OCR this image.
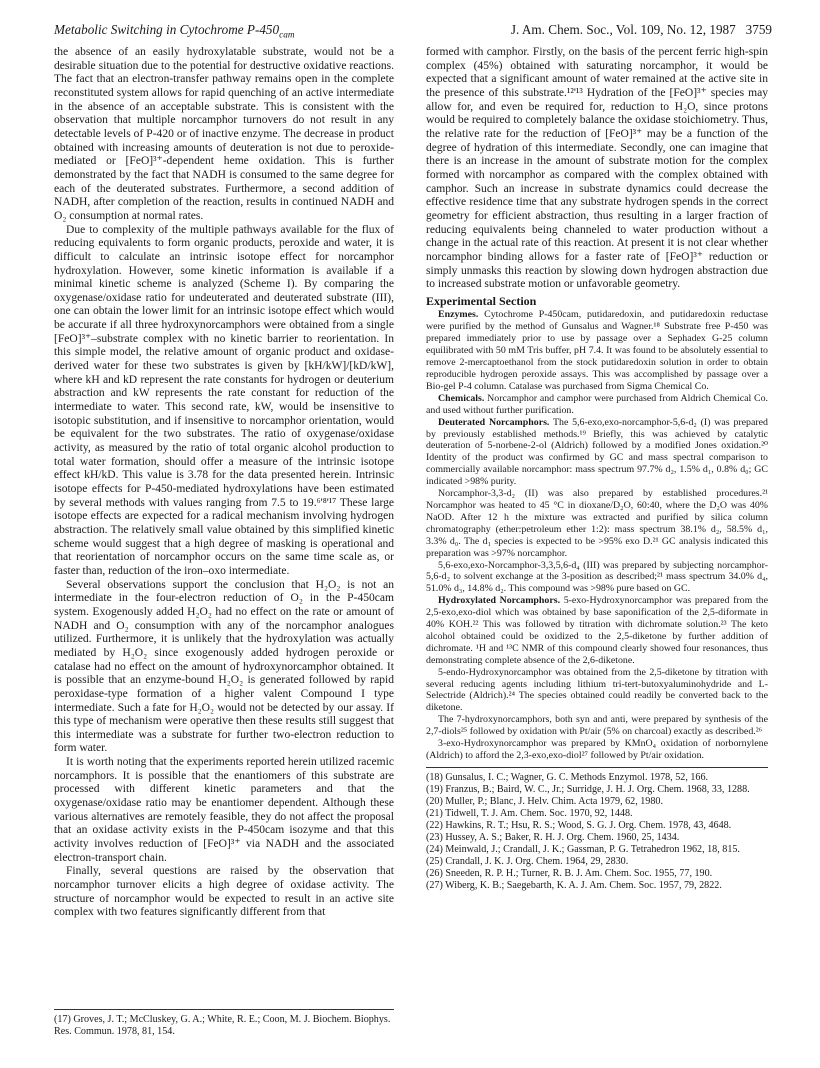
Metabolic Switching in Cytochrome $P-450_{cam}$	J. Am. Chem. Soc., Vol. 109, No. 12, 1987 3759

the absence of an easily hydroxylatable substrate, would not be a desirable situation due to the potential for destructive oxidative reactions. The fact that an electron-transfer pathway remains open in the complete reconstituted system allows for rapid quenching of an active intermediate in the absence of an acceptable substrate. This is consistent with the observation that multiple norcamphor turnovers do not result in any detectable levels of P-420 or of inactive enzyme. The decrease in product obtained with increasing amounts of deuteration is not due to peroxide-mediated or [FeO]³⁺-dependent heme oxidation. This is further demonstrated by the fact that NADH is consumed to the same degree for each of the deuterated substrates. Furthermore, a second addition of NADH, after completion of the reaction, results in continued NADH and O₂ consumption at normal rates.

Due to complexity of the multiple pathways available for the flux of reducing equivalents to form organic products, peroxide and water, it is difficult to calculate an intrinsic isotope effect for norcamphor hydroxylation. However, some kinetic information is available if a minimal kinetic scheme is analyzed (Scheme I). By comparing the oxygenase/oxidase ratio for undeuterated and deuterated substrate (III), one can obtain the lower limit for an intrinsic isotope effect which would be accurate if all three hydroxynorcamphors were obtained from a single [FeO]³⁺–substrate complex with no kinetic barrier to reorientation. In this simple model, the relative amount of organic product and oxidase-derived water for these two substrates is given by [kH/kW]/[kD/kW], where kH and kD represent the rate constants for hydrogen or deuterium abstraction and kW represents the rate constant for reduction of the intermediate to water. This second rate, kW, would be insensitive to isotopic substitution, and if insensitive to norcamphor orientation, would be equivalent for the two substrates. The ratio of oxygenase/oxidase activity, as measured by the ratio of total organic alcohol production to total water formation, should offer a measure of the intrinsic isotope effect kH/kD. This value is 3.78 for the data presented herein. Intrinsic isotope effects for P-450-mediated hydroxylations have been estimated by several methods with values ranging from 7.5 to 19.⁶'⁸'¹⁷ These large isotope effects are expected for a radical mechanism involving hydrogen abstraction. The relatively small value obtained by this simplified kinetic scheme would suggest that a high degree of masking is operational and that reorientation of norcamphor occurs on the same time scale as, or faster than, reduction of the iron–oxo intermediate.

Several observations support the conclusion that H₂O₂ is not an intermediate in the four-electron reduction of O₂ in the P-450cam system. Exogenously added H₂O₂ had no effect on the rate or amount of NADH and O₂ consumption with any of the norcamphor analogues utilized. Furthermore, it is unlikely that the hydroxylation was actually mediated by H₂O₂ since exogenously added hydrogen peroxide or catalase had no effect on the amount of hydroxynorcamphor obtained. It is possible that an enzyme-bound H₂O₂ is generated followed by rapid peroxidase-type formation of a higher valent Compound I type intermediate. Such a fate for H₂O₂ would not be detected by our assay. If this type of mechanism were operative then these results still suggest that this intermediate was a substrate for further two-electron reduction to form water.

It is worth noting that the experiments reported herein utilized racemic norcamphors. It is possible that the enantiomers of this substrate are processed with different kinetic parameters and that the oxygenase/oxidase ratio may be enantiomer dependent. Although these various alternatives are remotely feasible, they do not affect the proposal that an oxidase activity exists in the P-450cam isozyme and that this activity involves reduction of [FeO]³⁺ via NADH and the associated electron-transport chain.

Finally, several questions are raised by the observation that norcamphor turnover elicits a high degree of oxidase activity. The structure of norcamphor would be expected to result in an active site complex with two features significantly different from that

(17) Groves, J. T.; McCluskey, G. A.; White, R. E.; Coon, M. J. Biochem. Biophys. Res. Commun. 1978, 81, 154.

formed with camphor. Firstly, on the basis of the percent ferric high-spin complex (45%) obtained with saturating norcamphor, it would be expected that a significant amount of water remained at the active site in the presence of this substrate.¹²'¹³ Hydration of the [FeO]³⁺ species may allow for, and even be required for, reduction to H₂O, since protons would be required to completely balance the oxidase stoichiometry. Thus, the relative rate for the reduction of [FeO]³⁺ may be a function of the degree of hydration of this intermediate. Secondly, one can imagine that there is an increase in the amount of substrate motion for the complex formed with norcamphor as compared with the complex obtained with camphor. Such an increase in substrate dynamics could decrease the effective residence time that any substrate hydrogen spends in the correct geometry for efficient abstraction, thus resulting in a larger fraction of reducing equivalents being channeled to water production without a change in the actual rate of this reaction. At present it is not clear whether norcamphor binding allows for a faster rate of [FeO]³⁺ reduction or simply unmasks this reaction by slowing down hydrogen abstraction due to increased substrate motion or unfavorable geometry.

Experimental Section

Enzymes. Cytochrome P-450cam, putidaredoxin, and putidaredoxin reductase were purified by the method of Gunsalus and Wagner.¹⁸ Substrate free P-450 was prepared immediately prior to use by passage over a Sephadex G-25 column equilibrated with 50 mM Tris buffer, pH 7.4. It was found to be absolutely essential to remove 2-mercaptoethanol from the stock putidaredoxin solution in order to obtain reproducible hydrogen peroxide assays. This was accomplished by passage over a Bio-gel P-4 column. Catalase was purchased from Sigma Chemical Co.

Chemicals. Norcamphor and camphor were purchased from Aldrich Chemical Co. and used without further purification.

Deuterated Norcamphors. The 5,6-exo,exo-norcamphor-5,6-d₂ (I) was prepared by previously established methods.¹⁹ Briefly, this was achieved by catalytic deuteration of 5-norbene-2-ol (Aldrich) followed by a modified Jones oxidation.²⁰ Identity of the product was confirmed by GC and mass spectral comparison to commercially available norcamphor: mass spectrum 97.7% d₂, 1.5% d₁, 0.8% d₀; GC indicated >98% purity.

Norcamphor-3,3-d₂ (II) was also prepared by established procedures.²¹ Norcamphor was heated to 45 °C in dioxane/D₂O, 60:40, where the D₂O was 40% NaOD. After 12 h the mixture was extracted and purified by silica column chromatography (ether:petroleum ether 1:2): mass spectrum 38.1% d₂, 58.5% d₁, 3.3% d₀. The d₁ species is expected to be >95% exo D.²¹ GC analysis indicated this preparation was >97% norcamphor.

5,6-exo,exo-Norcamphor-3,3,5,6-d₄ (III) was prepared by subjecting norcamphor-5,6-d₂ to solvent exchange at the 3-position as described;²¹ mass spectrum 34.0% d₄, 51.0% d₃, 14.8% d₂. This compound was >98% pure based on GC.

Hydroxylated Norcamphors. 5-exo-Hydroxynorcamphor was prepared from the 2,5-exo,exo-diol which was obtained by base saponification of the 2,5-diformate in 40% KOH.²² This was followed by titration with dichromate solution.²³ The keto alcohol obtained could be oxidized to the 2,5-diketone by further addition of dichromate. ¹H and ¹³C NMR of this compound clearly showed four resonances, thus demonstrating complete absence of the 2,6-diketone.

5-endo-Hydroxynorcamphor was obtained from the 2,5-diketone by titration with several reducing agents including lithium tri-tert-butoxyaluminohydride and L-Selectride (Aldrich).²⁴ The species obtained could readily be converted back to the diketone.

The 7-hydroxynorcamphors, both syn and anti, were prepared by synthesis of the 2,7-diols²⁵ followed by oxidation with Pt/air (5% on charcoal) exactly as described.²⁶

3-exo-Hydroxynorcamphor was prepared by KMnO₄ oxidation of norbornylene (Aldrich) to afford the 2,3-exo,exo-diol²⁷ followed by Pt/air oxidation.

(18) Gunsalus, I. C.; Wagner, G. C. Methods Enzymol. 1978, 52, 166.
(19) Franzus, B.; Baird, W. C., Jr.; Surridge, J. H. J. Org. Chem. 1968, 33, 1288.
(20) Muller, P.; Blanc, J. Helv. Chim. Acta 1979, 62, 1980.
(21) Tidwell, T. J. Am. Chem. Soc. 1970, 92, 1448.
(22) Hawkins, R. T.; Hsu, R. S.; Wood, S. G. J. Org. Chem. 1978, 43, 4648.
(23) Hussey, A. S.; Baker, R. H. J. Org. Chem. 1960, 25, 1434.
(24) Meinwald, J.; Crandall, J. K.; Gassman, P. G. Tetrahedron 1962, 18, 815.
(25) Crandall, J. K. J. Org. Chem. 1964, 29, 2830.
(26) Sneeden, R. P. H.; Turner, R. B. J. Am. Chem. Soc. 1955, 77, 190.
(27) Wiberg, K. B.; Saegebarth, K. A. J. Am. Chem. Soc. 1957, 79, 2822.
